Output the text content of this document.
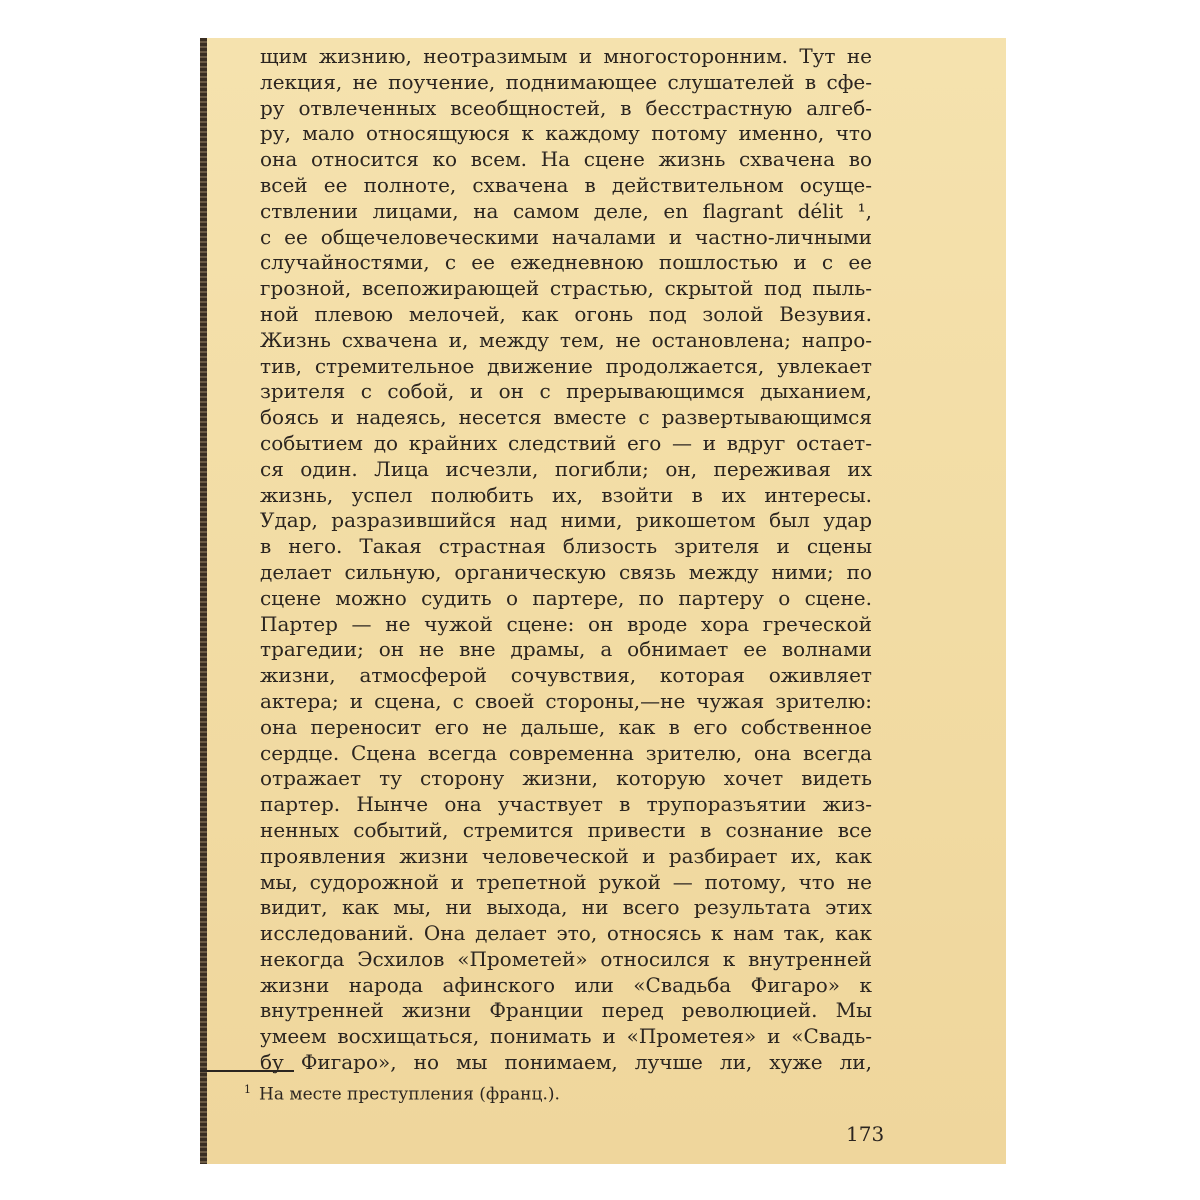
щим жизнию, неотразимым и многосторонним. Тут не
лекция, не поучение, поднимающее слушателей в сфе-
ру отвлеченных всеобщностей, в бесстрастную алгеб-
ру, мало относящуюся к каждому потому именно, что
она относится ко всем. На сцене жизнь схвачена во
всей ее полноте, схвачена в действительном осуще-
ствлении лицами, на самом деле, en flagrant délit ¹,
с ее общечеловеческими началами и частно-личными
случайностями, с ее ежедневною пошлостью и с ее
грозной, всепожирающей страстью, скрытой под пыль-
ной плевою мелочей, как огонь под золой Везувия.
Жизнь схвачена и, между тем, не остановлена; напро-
тив, стремительное движение продолжается, увлекает
зрителя с собой, и он с прерывающимся дыханием,
боясь и надеясь, несется вместе с развертывающимся
событием до крайних следствий его — и вдруг остает-
ся один. Лица исчезли, погибли; он, переживая их
жизнь, успел полюбить их, взойти в их интересы.
Удар, разразившийся над ними, рикошетом был удар
в него. Такая страстная близость зрителя и сцены
делает сильную, органическую связь между ними; по
сцене можно судить о партере, по партеру о сцене.
Партер — не чужой сцене: он вроде хора греческой
трагедии; он не вне драмы, а обнимает ее волнами
жизни, атмосферой сочувствия, которая оживляет
актера; и сцена, с своей стороны,—не чужая зрителю:
она переносит его не дальше, как в его собственное
сердце. Сцена всегда современна зрителю, она всегда
отражает ту сторону жизни, которую хочет видеть
партер. Нынче она участвует в трупоразъятии жиз-
ненных событий, стремится привести в сознание все
проявления жизни человеческой и разбирает их, как
мы, судорожной и трепетной рукой — потому, что не
видит, как мы, ни выхода, ни всего результата этих
исследований. Она делает это, относясь к нам так, как
некогда Эсхилов «Прометей» относился к внутренней
жизни народа афинского или «Свадьба Фигаро» к
внутренней жизни Франции перед революцией. Мы
умеем восхищаться, понимать и «Прометея» и «Свадь-
бу Фигаро», но мы понимаем, лучше ли, хуже ли,
$^1$ На месте преступления (франц.).
173
